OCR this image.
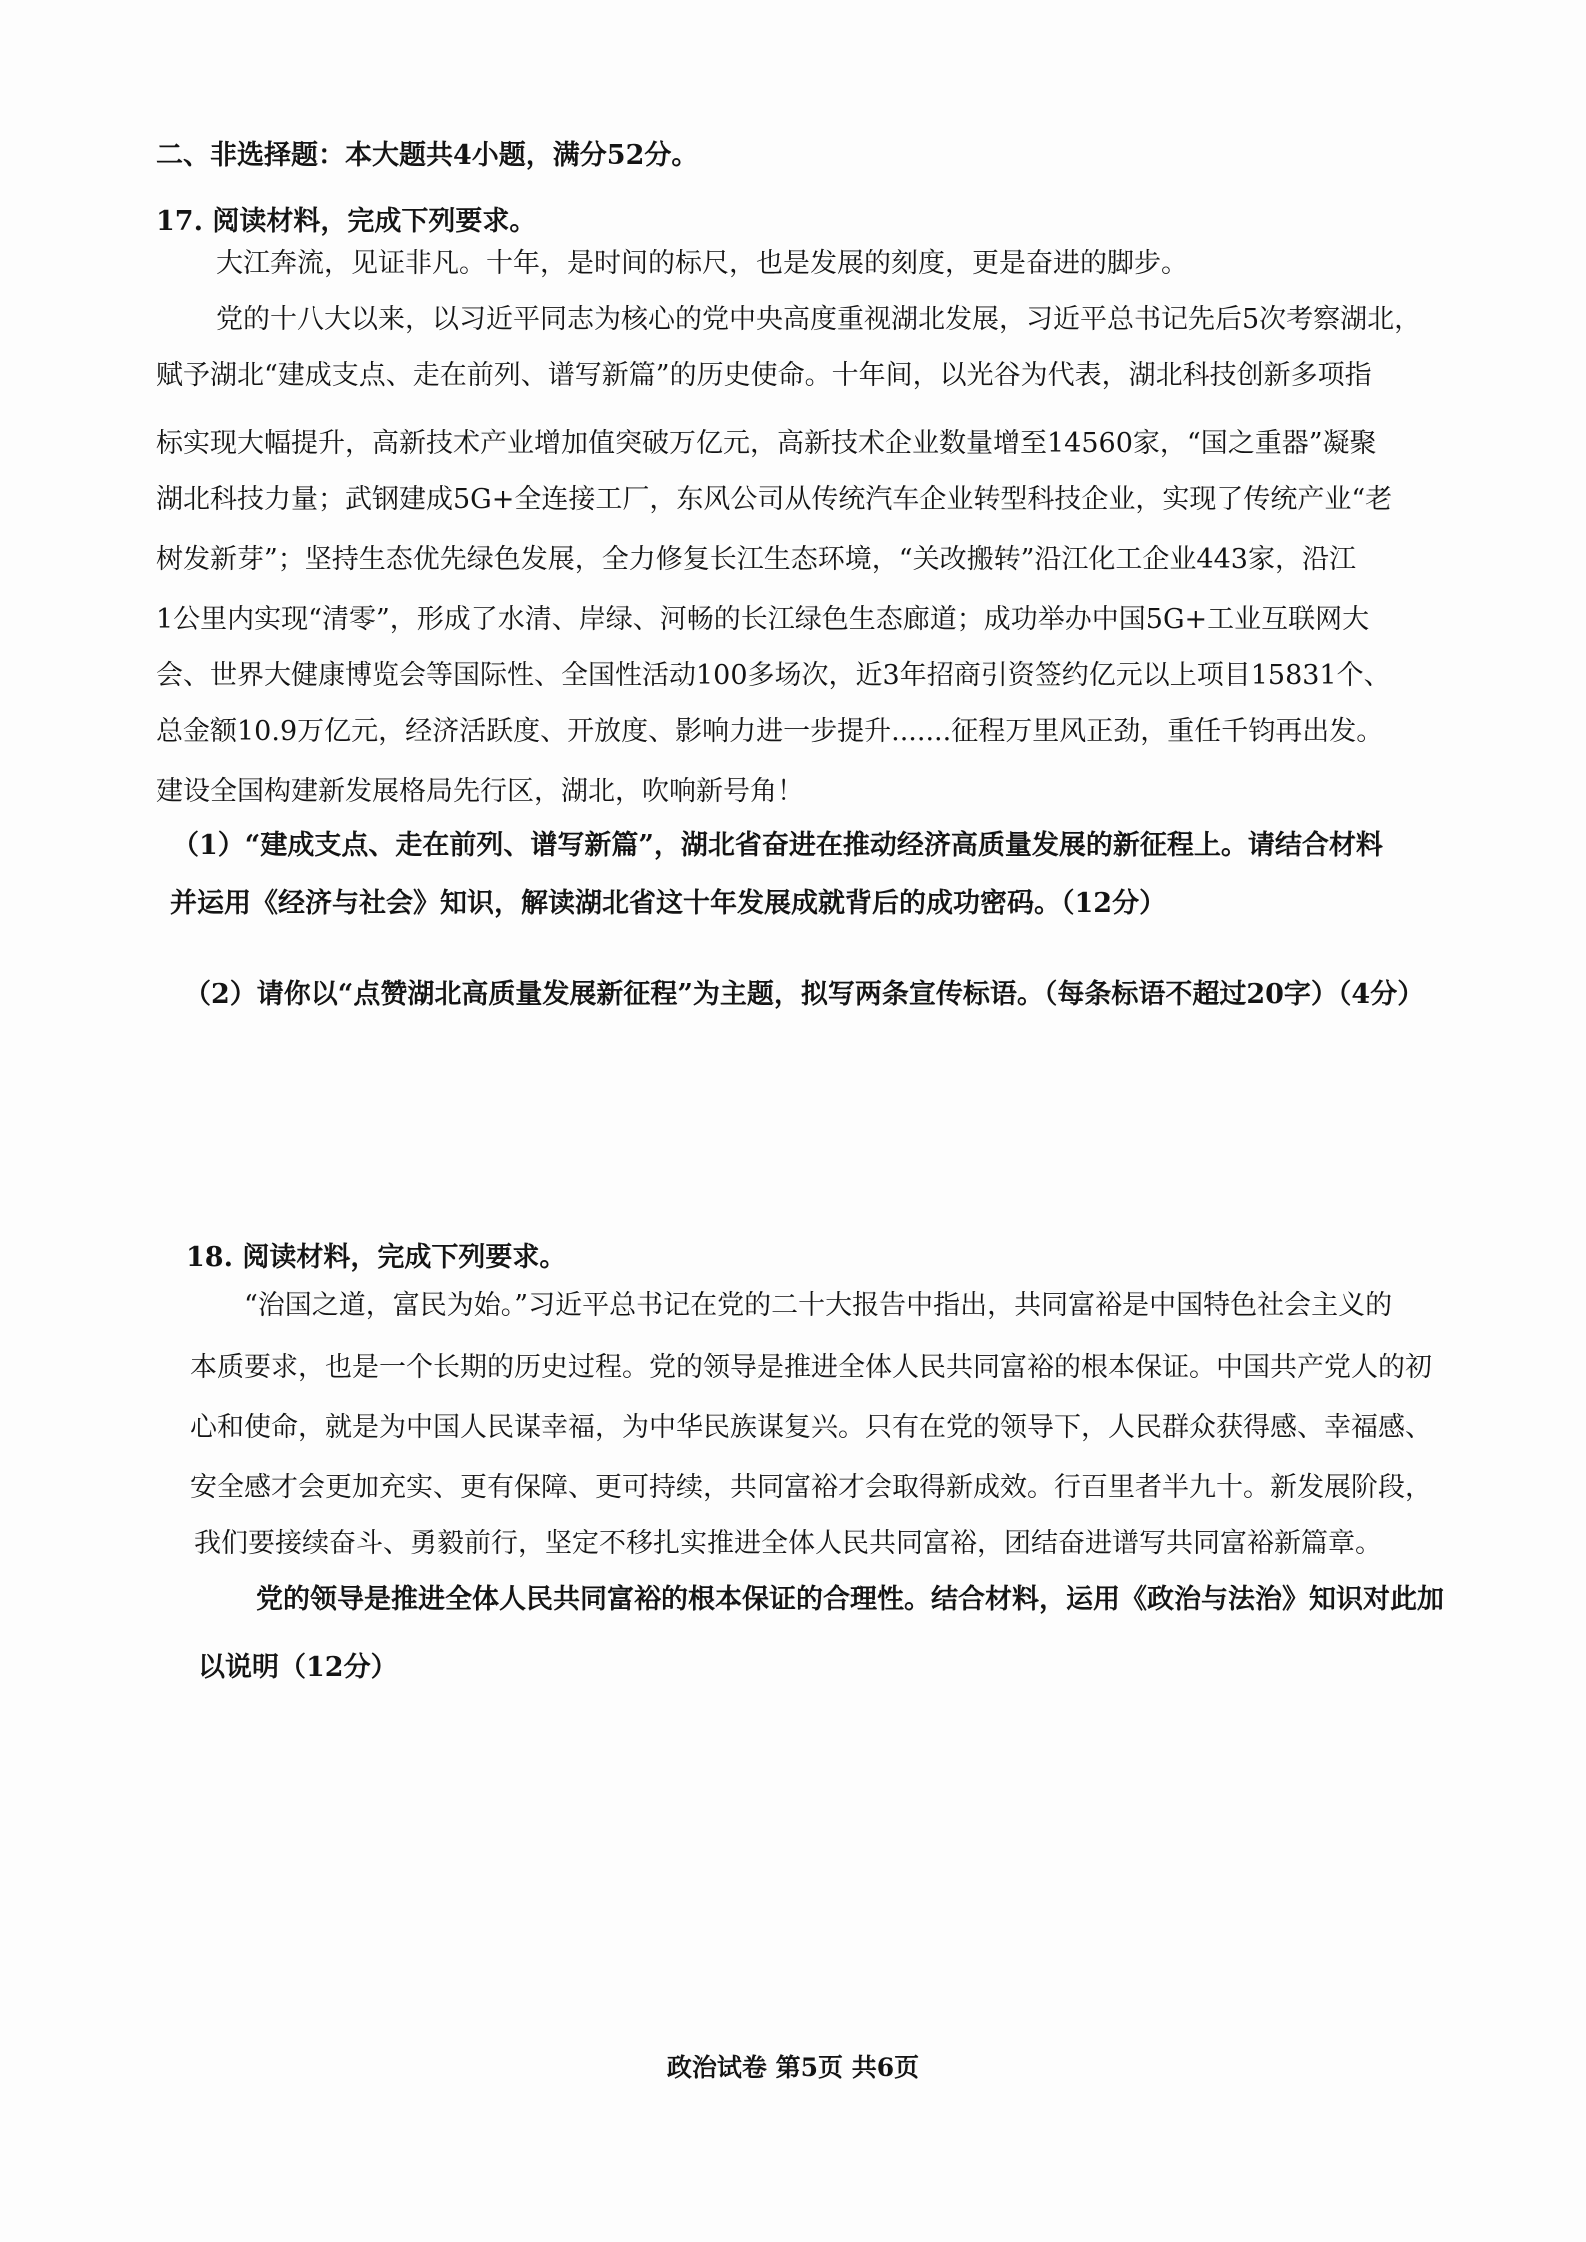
二、非选择题：本大题共4小题，满分52分。
17. 阅读材料，完成下列要求。
大江奔流，见证非凡。十年，是时间的标尺，也是发展的刻度，更是奋进的脚步。
党的十八大以来，以习近平同志为核心的党中央高度重视湖北发展，习近平总书记先后5次考察湖北，
赋予湖北“建成支点、走在前列、谱写新篇”的历史使命。十年间，以光谷为代表，湖北科技创新多项指
标实现大幅提升，高新技术产业增加值突破万亿元，高新技术企业数量增至14560家，“国之重器”凝聚
湖北科技力量；武钢建成5G+全连接工厂，东风公司从传统汽车企业转型科技企业，实现了传统产业“老
树发新芽”；坚持生态优先绿色发展，全力修复长江生态环境，“关改搬转”沿江化工企业443家，沿江
1公里内实现“清零”，形成了水清、岸绿、河畅的长江绿色生态廊道；成功举办中国5G+工业互联网大
会、世界大健康博览会等国际性、全国性活动100多场次，近3年招商引资签约亿元以上项目15831个、
总金额10.9万亿元，经济活跃度、开放度、影响力进一步提升.......征程万里风正劲，重任千钧再出发。
建设全国构建新发展格局先行区，湖北，吹响新号角！
（1）“建成支点、走在前列、谱写新篇”，湖北省奋进在推动经济高质量发展的新征程上。请结合材料
并运用《经济与社会》知识，解读湖北省这十年发展成就背后的成功密码。（12分）
（2）请你以“点赞湖北高质量发展新征程”为主题，拟写两条宣传标语。（每条标语不超过20字）（4分）
18. 阅读材料，完成下列要求。
“治国之道，富民为始。”习近平总书记在党的二十大报告中指出，共同富裕是中国特色社会主义的
本质要求，也是一个长期的历史过程。党的领导是推进全体人民共同富裕的根本保证。中国共产党人的初
心和使命，就是为中国人民谋幸福，为中华民族谋复兴。只有在党的领导下，人民群众获得感、幸福感、
安全感才会更加充实、更有保障、更可持续，共同富裕才会取得新成效。行百里者半九十。新发展阶段，
我们要接续奋斗、勇毅前行，坚定不移扎实推进全体人民共同富裕，团结奋进谱写共同富裕新篇章。
党的领导是推进全体人民共同富裕的根本保证的合理性。结合材料，运用《政治与法治》知识对此加
以说明（12分）
政治试卷 第5页 共6页
